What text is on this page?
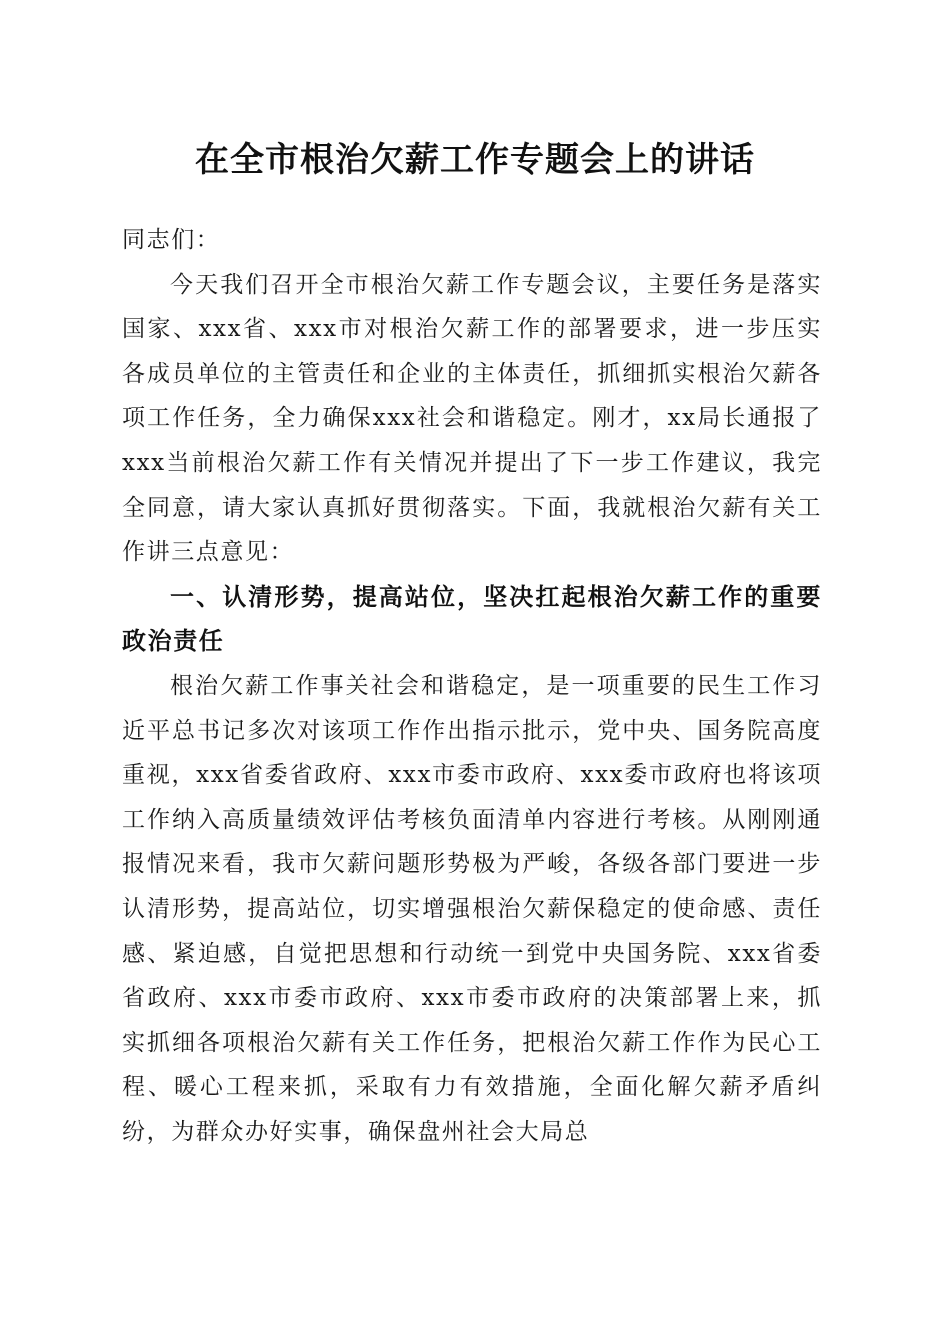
在全市根治欠薪工作专题会上的讲话

同志们：

今天我们召开全市根治欠薪工作专题会议，主要任务是落实国家、xxx省、xxx市对根治欠薪工作的部署要求，进一步压实各成员单位的主管责任和企业的主体责任，抓细抓实根治欠薪各项工作任务，全力确保xxx社会和谐稳定。刚才，xx局长通报了xxx当前根治欠薪工作有关情况并提出了下一步工作建议，我完全同意，请大家认真抓好贯彻落实。下面，我就根治欠薪有关工作讲三点意见：

一、认清形势，提高站位，坚决扛起根治欠薪工作的重要政治责任

根治欠薪工作事关社会和谐稳定，是一项重要的民生工作习近平总书记多次对该项工作作出指示批示，党中央、国务院高度重视，xxx省委省政府、xxx市委市政府、xxx委市政府也将该项工作纳入高质量绩效评估考核负面清单内容进行考核。从刚刚通报情况来看，我市欠薪问题形势极为严峻，各级各部门要进一步认清形势，提高站位，切实增强根治欠薪保稳定的使命感、责任感、紧迫感，自觉把思想和行动统一到党中央国务院、xxx省委省政府、xxx市委市政府、xxx市委市政府的决策部署上来，抓实抓细各项根治欠薪有关工作任务，把根治欠薪工作作为民心工程、暖心工程来抓，采取有力有效措施，全面化解欠薪矛盾纠纷，为群众办好实事，确保盘州社会大局总
